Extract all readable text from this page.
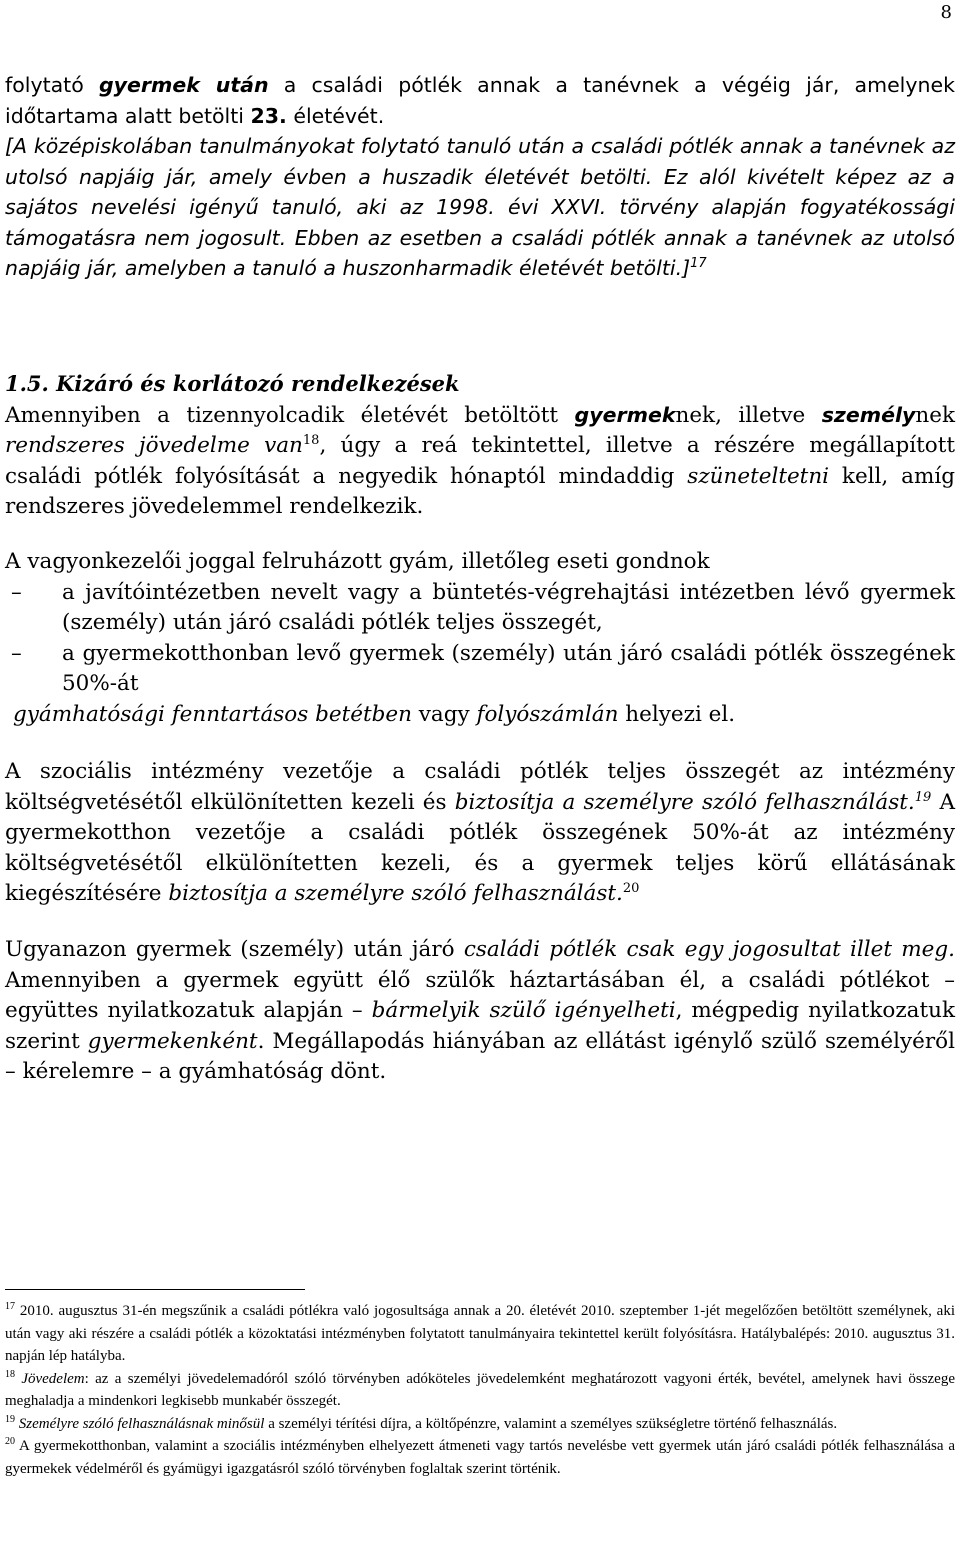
8

folytató gyermek után a családi pótlék annak a tanévnek a végéig jár, amelynek időtartama alatt betölti 23. életévét.

[A középiskolában tanulmányokat folytató tanuló után a családi pótlék annak a tanévnek az utolsó napjáig jár, amely évben a huszadik életévét betölti. Ez alól kivételt képez az a sajátos nevelési igényű tanuló, aki az 1998. évi XXVI. törvény alapján fogyatékossági támogatásra nem jogosult. Ebben az esetben a családi pótlék annak a tanévnek az utolsó napjáig jár, amelyben a tanuló a huszonharmadik életévét betölti.]$^{17}$

1.5. Kizáró és korlátozó rendelkezések

Amennyiben a tizennyolcadik életévét betöltött gyermeknek, illetve személynek rendszeres jövedelme van$^{18}$, úgy a reá tekintettel, illetve a részére megállapított családi pótlék folyósítását a negyedik hónaptól mindaddig szüneteltetni kell, amíg rendszeres jövedelemmel rendelkezik.

A vagyonkezelői joggal felruházott gyám, illetőleg eseti gondnok

– a javítóintézetben nevelt vagy a büntetés-végrehajtási intézetben lévő gyermek (személy) után járó családi pótlék teljes összegét,
– a gyermekotthonban levő gyermek (személy) után járó családi pótlék összegének 50%-át

gyámhatósági fenntartásos betétben vagy folyószámlán helyezi el.

A szociális intézmény vezetője a családi pótlék teljes összegét az intézmény költségvetésétől elkülönítetten kezeli és biztosítja a személyre szóló felhasználást.$^{19}$ A gyermekotthon vezetője a családi pótlék összegének 50%-át az intézmény költségvetésétől elkülönítetten kezeli, és a gyermek teljes körű ellátásának kiegészítésére biztosítja a személyre szóló felhasználást.$^{20}$

Ugyanazon gyermek (személy) után járó családi pótlék csak egy jogosultat illet meg. Amennyiben a gyermek együtt élő szülők háztartásában él, a családi pótlékot – együttes nyilatkozatuk alapján – bármelyik szülő igényelheti, mégpedig nyilatkozatuk szerint gyermekenként. Megállapodás hiányában az ellátást igénylő szülő személyéről – kérelemre – a gyámhatóság dönt.

$^{17}$ 2010. augusztus 31-én megszűnik a családi pótlékra való jogosultsága annak a 20. életévét 2010. szeptember 1-jét megelőzően betöltött személynek, aki után vagy aki részére a családi pótlék a közoktatási intézményben folytatott tanulmányaira tekintettel került folyósításra. Hatálybalépés: 2010. augusztus 31. napján lép hatályba.

$^{18}$ Jövedelem: az a személyi jövedelemadóról szóló törvényben adóköteles jövedelemként meghatározott vagyoni érték, bevétel, amelynek havi összege meghaladja a mindenkori legkisebb munkabér összegét.

$^{19}$ Személyre szóló felhasználásnak minősül a személyi térítési díjra, a költőpénzre, valamint a személyes szükségletre történő felhasználás.

$^{20}$ A gyermekotthonban, valamint a szociális intézményben elhelyezett átmeneti vagy tartós nevelésbe vett gyermek után járó családi pótlék felhasználása a gyermekek védelméről és gyámügyi igazgatásról szóló törvényben foglaltak szerint történik.
